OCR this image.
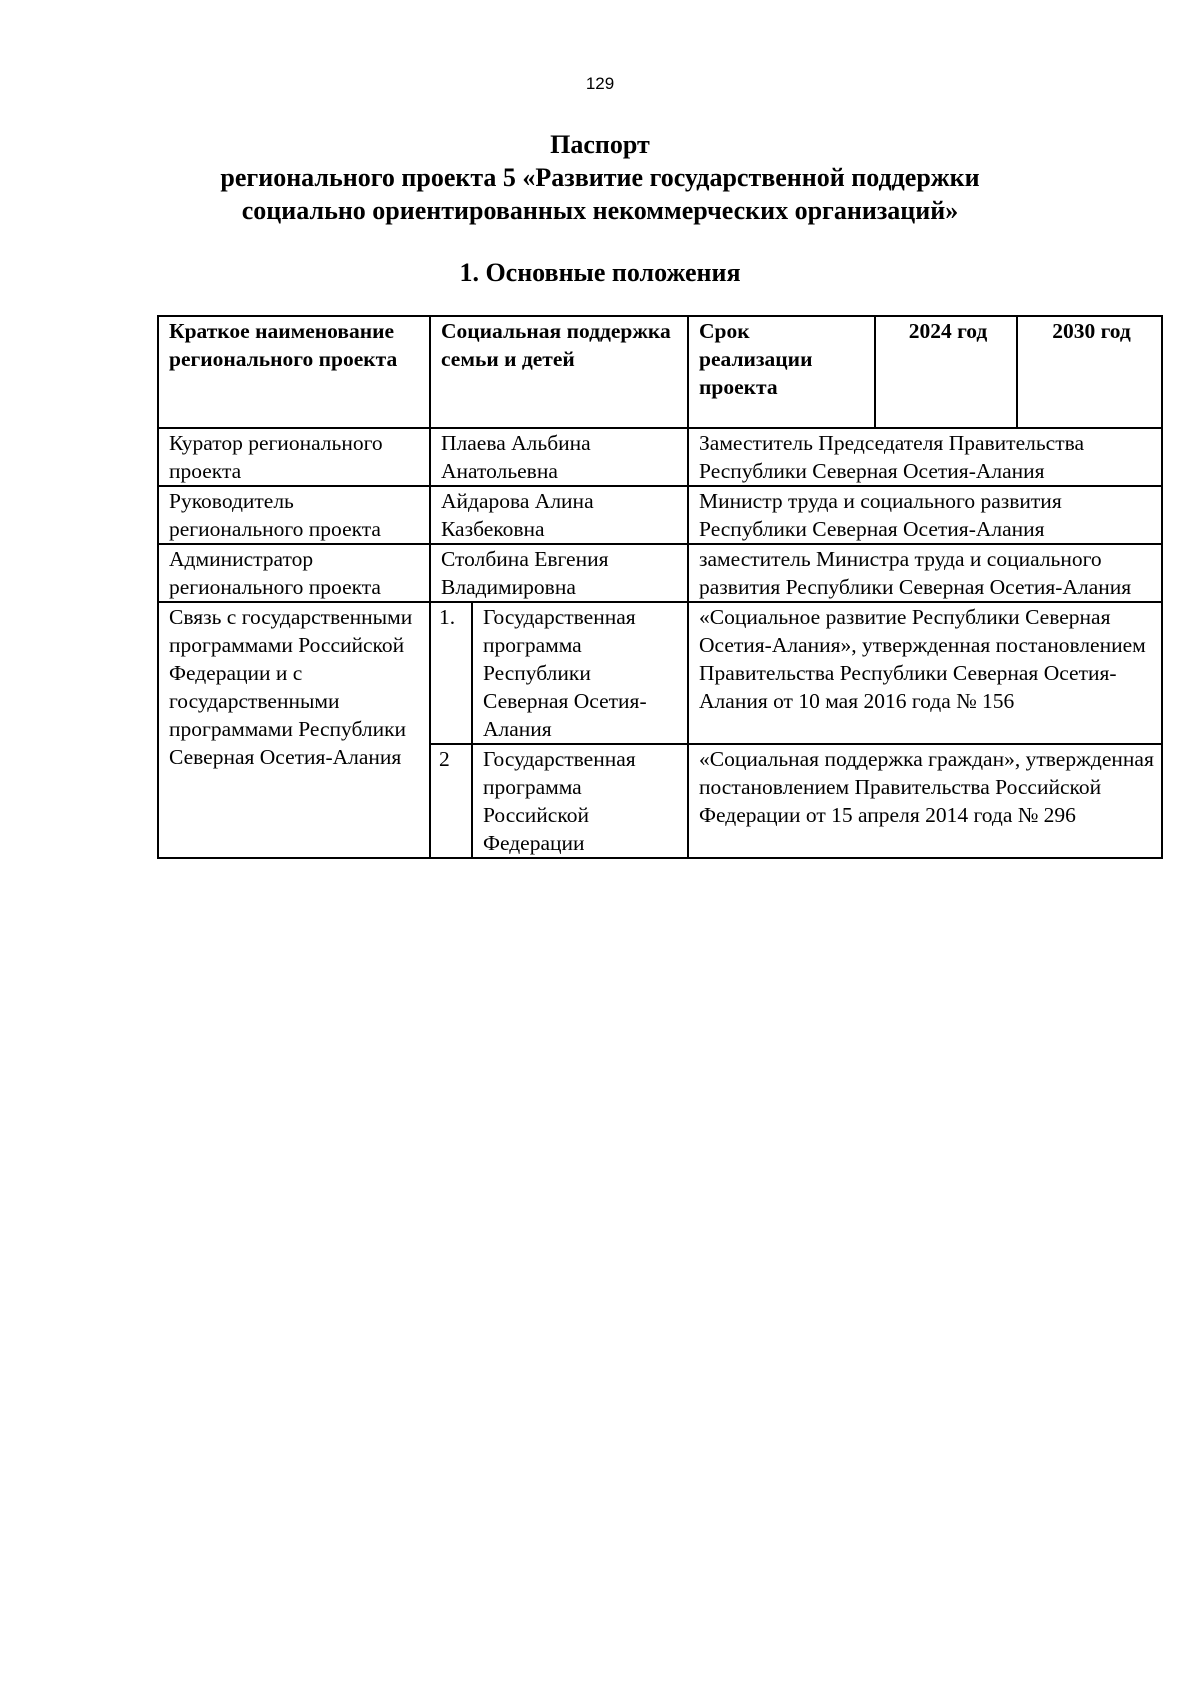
129
Паспорт
регионального проекта 5 «Развитие государственной поддержки
социально ориентированных некоммерческих организаций»
1. Основные положения
Краткое наименование регионального проекта	Социальная поддержка семьи и детей		Срок реализации проекта	2024 год	2030 год
Куратор регионального проекта	Плаева Альбина Анатольевна		Заместитель Председателя Правительства Республики Северная Осетия-Алания		
Руководитель регионального проекта	Айдарова Алина Казбековна		Министр труда и социального развития Республики Северная Осетия-Алания		
Администратор регионального проекта	Столбина Евгения Владимировна		заместитель Министра труда и социального развития Республики Северная Осетия-Алания		
Связь с государственными программами Российской Федерации и с государственными программами Республики Северная Осетия-Алания	1.	Государственная программа Республики Северная Осетия-Алания	«Социальное развитие Республики Северная Осетия-Алания», утвержденная постановлением Правительства Республики Северная Осетия-Алания от 10 мая 2016 года № 156		
	2	Государственная программа Российской Федерации	«Социальная поддержка граждан», утвержденная постановлением Правительства Российской Федерации от 15 апреля 2014 года № 296		
